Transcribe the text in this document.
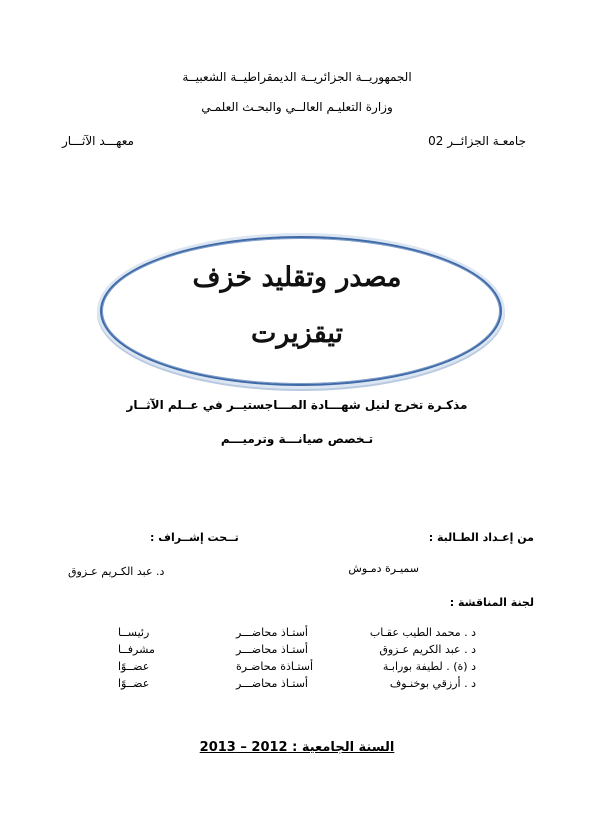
الجمهوريــة الجزائريــة الديمقراطيــة الشعبيــة
وزارة التعليـم العالــي والبحـث العلمـي
جامعـة الجزائــر 02
معهـــد الآثـــار
مصدر وتقليد خزف
تيقزيرت
مذكـرة تخرج لنيل شهـــادة المـــاجستيــر في عــلم الآثــار
تـخصص صيانـــة وترميـــم
من إعـداد الطـالبة :
سميـرة دمـوش
تــحت إشــراف :
د. عبد الكـريم عـزوق
لجنة المناقشة :
د . محمد الطيب عقـاب
أستـاذ محاضـــر
رئيســا
د . عبد الكريم عـزوق
أستـاذ محاضـــر
مشرفــا
د (ة) . لطيفة بورابـة
أستـاذة محاضـرة
عضــوًا
د . أرزقي بوخنـوف
أستـاذ محاضـــر
عضــوًا
السنة الجامعية : 2012 – 2013
